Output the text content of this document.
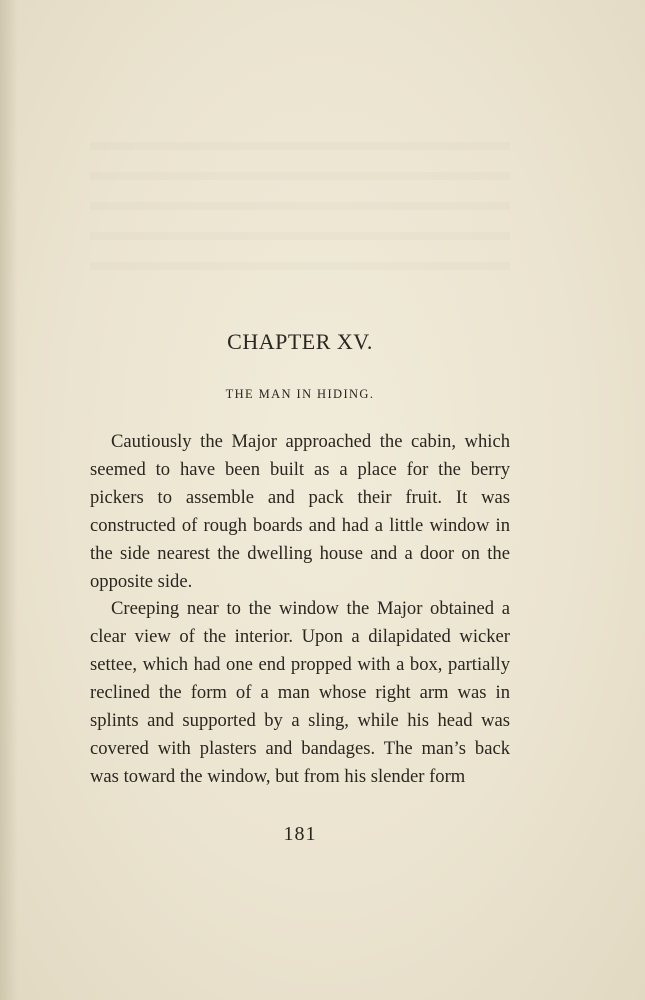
CHAPTER XV.
THE MAN IN HIDING.

Cautiously the Major approached the cabin, which seemed to have been built as a place for the berry pickers to assemble and pack their fruit. It was constructed of rough boards and had a little window in the side nearest the dwelling house and a door on the opposite side.

Creeping near to the window the Major obtained a clear view of the interior. Upon a dilapidated wicker settee, which had one end propped with a box, partially reclined the form of a man whose right arm was in splints and supported by a sling, while his head was covered with plasters and bandages. The man’s back was toward the window, but from his slender form

181
